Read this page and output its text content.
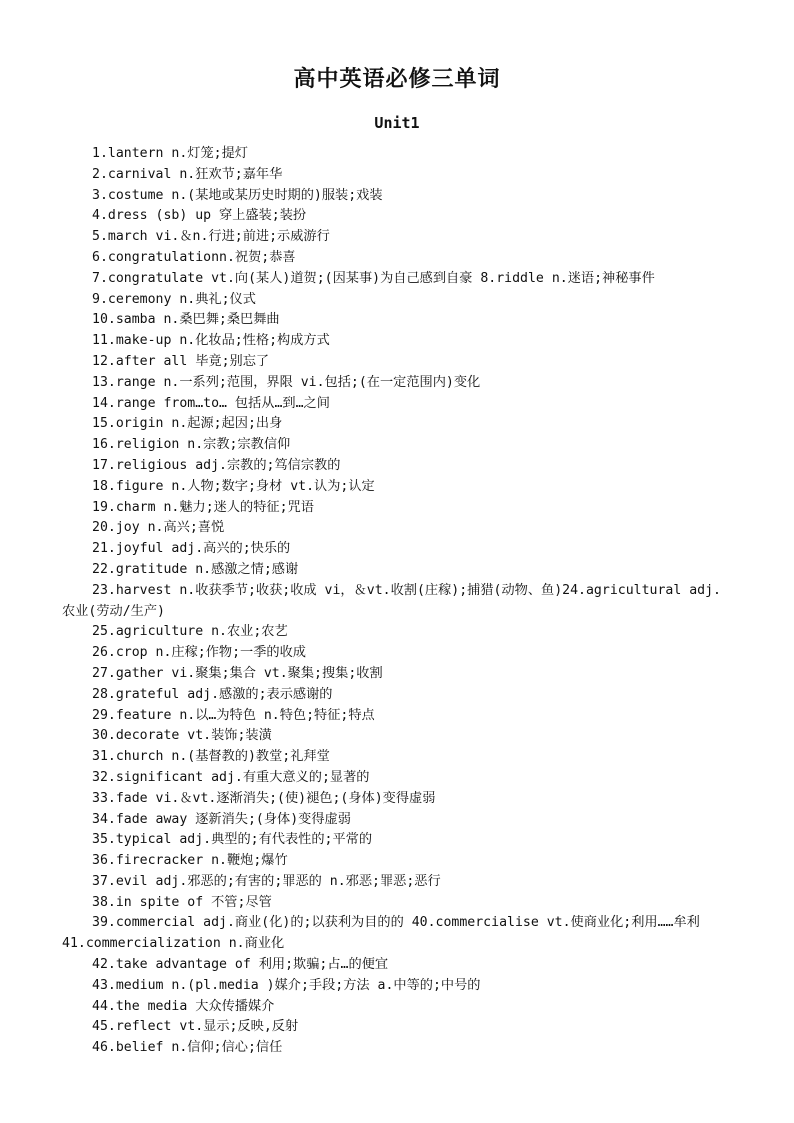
高中英语必修三单词
Unit1
1.lantern n.灯笼;提灯
2.carnival n.狂欢节;嘉年华
3.costume n.(某地或某历史时期的)服装;戏装
4.dress (sb) up 穿上盛装;装扮
5.march vi.＆n.行进;前进;示威游行
6.congratulationn.祝贺;恭喜
7.congratulate vt.向(某人)道贺;(因某事)为自己感到自豪 8.riddle n.迷语;神秘事件
9.ceremony n.典礼;仪式
10.samba n.桑巴舞;桑巴舞曲
11.make-up n.化妆品;性格;构成方式
12.after all 毕竟;别忘了
13.range n.一系列;范围，界限 vi.包括;(在一定范围内)变化
14.range from…to… 包括从…到…之间
15.origin n.起源;起因;出身
16.religion n.宗教;宗教信仰
17.religious adj.宗教的;笃信宗教的
18.figure n.人物;数字;身材 vt.认为;认定
19.charm n.魅力;迷人的特征;咒语
20.joy n.高兴;喜悦
21.joyful adj.高兴的;快乐的
22.gratitude n.感激之情;感谢
23.harvest n.收获季节;收获;收成 vi，＆vt.收割(庄稼);捕猎(动物、鱼)24.agricultural adj.农业(劳动/生产)
25.agriculture n.农业;农艺
26.crop n.庄稼;作物;一季的收成
27.gather vi.聚集;集合 vt.聚集;搜集;收割
28.grateful adj.感激的;表示感谢的
29.feature n.以…为特色 n.特色;特征;特点
30.decorate vt.装饰;装潢
31.church n.(基督教的)教堂;礼拜堂
32.significant adj.有重大意义的;显著的
33.fade vi.＆vt.逐渐消失;(使)褪色;(身体)变得虚弱
34.fade away 逐新消失;(身体)变得虚弱
35.typical adj.典型的;有代表性的;平常的
36.firecracker n.鞭炮;爆竹
37.evil adj.邪恶的;有害的;罪恶的 n.邪恶;罪恶;恶行
38.in spite of 不管;尽管
39.commercial adj.商业(化)的;以获利为目的的 40.commercialise vt.使商业化;利用……牟利 41.commercialization n.商业化
42.take advantage of 利用;欺骗;占…的便宜
43.medium n.(pl.media )媒介;手段;方法 a.中等的;中号的
44.the media 大众传播媒介
45.reflect vt.显示;反映,反射
46.belief n.信仰;信心;信任
